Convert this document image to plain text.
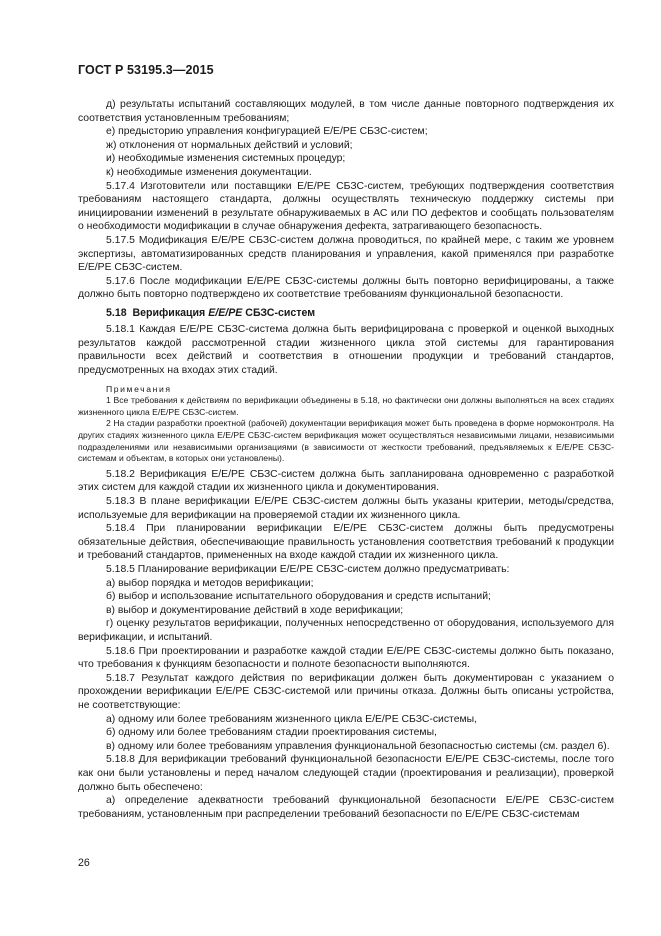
ГОСТ Р 53195.3—2015

д) результаты испытаний составляющих модулей, в том числе данные повторного подтверждения их соответствия установленным требованиям;

е) предысторию управления конфигурацией E/E/PE СБЗС-систем;

ж) отклонения от нормальных действий и условий;

и) необходимые изменения системных процедур;

к) необходимые изменения документации.

5.17.4 Изготовители или поставщики E/E/PE СБЗС-систем, требующих подтверждения соответствия требованиям настоящего стандарта, должны осуществлять техническую поддержку системы при инициировании изменений в результате обнаруживаемых в АС или ПО дефектов и сообщать пользователям о необходимости модификации в случае обнаружения дефекта, затрагивающего безопасность.

5.17.5 Модификация E/E/PE СБЗС-систем должна проводиться, по крайней мере, с таким же уровнем экспертизы, автоматизированных средств планирования и управления, какой применялся при разработке E/E/PE СБЗС-систем.

5.17.6 После модификации E/E/PE СБЗС-системы должны быть повторно верифицированы, а также должно быть повторно подтверждено их соответствие требованиям функциональной безопасности.

5.18 Верификация E/E/PE СБЗС-систем

5.18.1 Каждая E/E/PE СБЗС-система должна быть верифицирована с проверкой и оценкой выходных результатов каждой рассмотренной стадии жизненного цикла этой системы для гарантирования правильности всех действий и соответствия в отношении продукции и требований стандартов, предусмотренных на входах этих стадий.

Примечания

1 Все требования к действиям по верификации объединены в 5.18, но фактически они должны выполняться на всех стадиях жизненного цикла E/E/PE СБЗС-систем.

2 На стадии разработки проектной (рабочей) документации верификация может быть проведена в форме нормоконтроля. На других стадиях жизненного цикла E/E/PE СБЗС-систем верификация может осуществляться независимыми лицами, независимыми подразделениями или независимыми организациями (в зависимости от жесткости требований, предъявляемых к E/E/PE СБЗС-системам и объектам, в которых они установлены).

5.18.2 Верификация E/E/PE СБЗС-систем должна быть запланирована одновременно с разработкой этих систем для каждой стадии их жизненного цикла и документирования.

5.18.3 В плане верификации E/E/PE СБЗС-систем должны быть указаны критерии, методы/средства, используемые для верификации на проверяемой стадии их жизненного цикла.

5.18.4 При планировании верификации E/E/PE СБЗС-систем должны быть предусмотрены обязательные действия, обеспечивающие правильность установления соответствия требований к продукции и требований стандартов, примененных на входе каждой стадии их жизненного цикла.

5.18.5 Планирование верификации E/E/PE СБЗС-систем должно предусматривать:

а) выбор порядка и методов верификации;

б) выбор и использование испытательного оборудования и средств испытаний;

в) выбор и документирование действий в ходе верификации;

г) оценку результатов верификации, полученных непосредственно от оборудования, используемого для верификации, и испытаний.

5.18.6 При проектировании и разработке каждой стадии E/E/PE СБЗС-системы должно быть показано, что требования к функциям безопасности и полноте безопасности выполняются.

5.18.7 Результат каждого действия по верификации должен быть документирован с указанием о прохождении верификации E/E/PE СБЗС-системой или причины отказа. Должны быть описаны устройства, не соответствующие:

а) одному или более требованиям жизненного цикла E/E/PE СБЗС-системы,

б) одному или более требованиям стадии проектирования системы,

в) одному или более требованиям управления функциональной безопасностью системы (см. раздел 6).

5.18.8 Для верификации требований функциональной безопасности E/E/PE СБЗС-системы, после того как они были установлены и перед началом следующей стадии (проектирования и реализации), проверкой должно быть обеспечено:

а) определение адекватности требований функциональной безопасности E/E/PE СБЗС-систем требованиям, установленным при распределении требований безопасности по E/E/PE СБЗС-системам

26
